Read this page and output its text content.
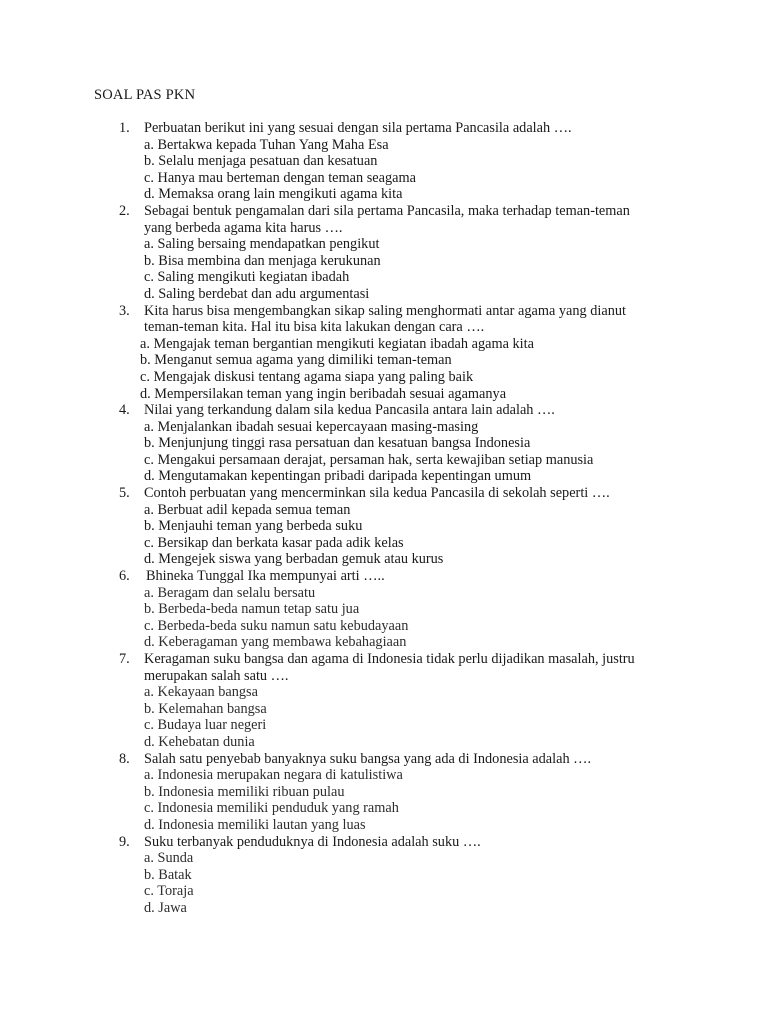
SOAL PAS PKN
1. Perbuatan berikut ini yang sesuai dengan sila pertama Pancasila adalah ….
a. Bertakwa kepada Tuhan Yang Maha Esa
b. Selalu menjaga pesatuan dan kesatuan
c. Hanya mau berteman dengan teman seagama
d. Memaksa orang lain mengikuti agama kita
2. Sebagai bentuk pengamalan dari sila pertama Pancasila, maka terhadap teman-teman
yang berbeda agama kita harus ….
a. Saling bersaing mendapatkan pengikut
b. Bisa membina dan menjaga kerukunan
c. Saling mengikuti kegiatan ibadah
d. Saling berdebat dan adu argumentasi
3. Kita harus bisa mengembangkan sikap saling menghormati antar agama yang dianut
teman-teman kita. Hal itu bisa kita lakukan dengan cara ….
a. Mengajak teman bergantian mengikuti kegiatan ibadah agama kita
b. Menganut semua agama yang dimiliki teman-teman
c. Mengajak diskusi tentang agama siapa yang paling baik
d. Mempersilakan teman yang ingin beribadah sesuai agamanya
4. Nilai yang terkandung dalam sila kedua Pancasila antara lain adalah ….
a. Menjalankan ibadah sesuai kepercayaan masing-masing
b. Menjunjung tinggi rasa persatuan dan kesatuan bangsa Indonesia
c. Mengakui persamaan derajat, persaman hak, serta kewajiban setiap manusia
d. Mengutamakan kepentingan pribadi daripada kepentingan umum
5. Contoh perbuatan yang mencerminkan sila kedua Pancasila di sekolah seperti ….
a. Berbuat adil kepada semua teman
b. Menjauhi teman yang berbeda suku
c. Bersikap dan berkata kasar pada adik kelas
d. Mengejek siswa yang berbadan gemuk atau kurus
6.	Bhineka Tunggal Ika mempunyai arti …..
a. Beragam dan selalu bersatu
b. Berbeda-beda namun tetap satu jua
c. Berbeda-beda suku namun satu kebudayaan
d. Keberagaman yang membawa kebahagiaan
7. Keragaman suku bangsa dan agama di Indonesia tidak perlu dijadikan masalah, justru
merupakan salah satu ….
a. Kekayaan bangsa
b. Kelemahan bangsa
c. Budaya luar negeri
d. Kehebatan dunia
8. Salah satu penyebab banyaknya suku bangsa yang ada di Indonesia adalah ….
a. Indonesia merupakan negara di katulistiwa
b. Indonesia memiliki ribuan pulau
c. Indonesia memiliki penduduk yang ramah
d. Indonesia memiliki lautan yang luas
9. Suku terbanyak penduduknya di Indonesia adalah suku ….
a. Sunda
b. Batak
c. Toraja
d. Jawa
